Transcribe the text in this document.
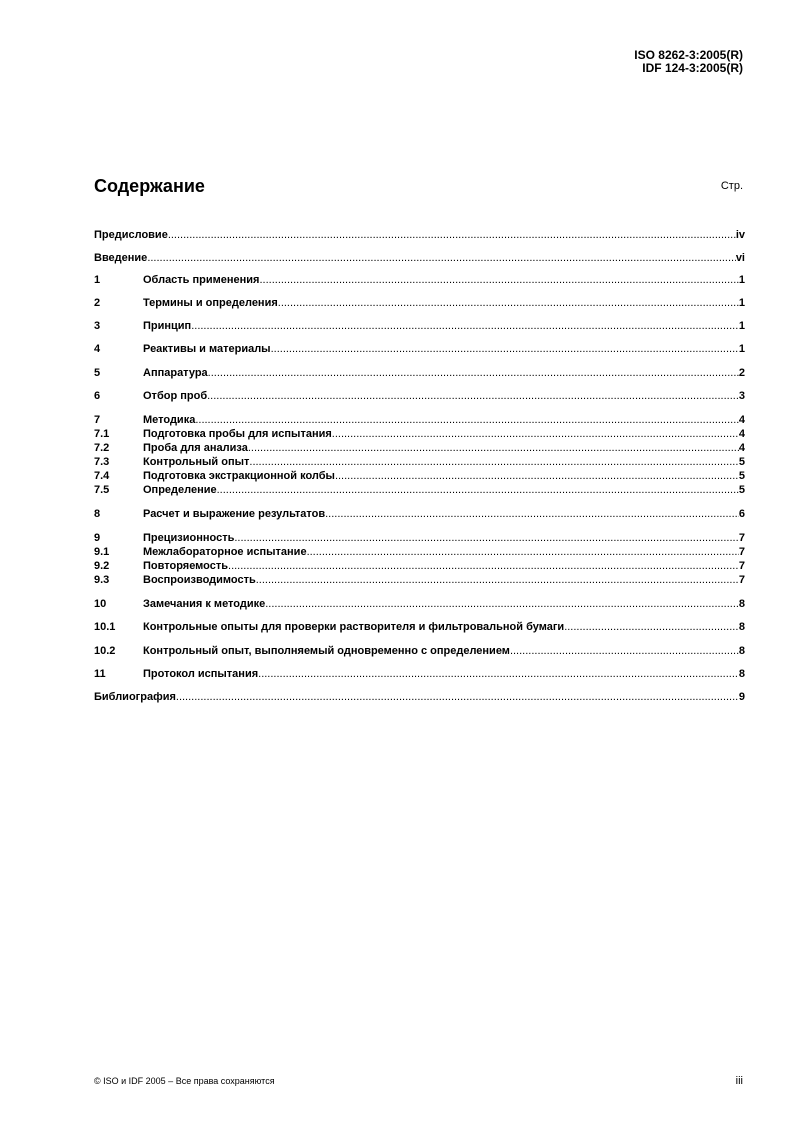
ISO 8262-3:2005(R)
IDF 124-3:2005(R)
Содержание	Стр.
Предисловие .....	iv
Введение .....	vi
1	Область применения .....	1
2	Термины и определения .....	1
3	Принцип .....	1
4	Реактивы и материалы .....	1
5	Аппаратура .....	2
6	Отбор проб .....	3
7	Методика .....	4
7.1	Подготовка пробы для испытания .....	4
7.2	Проба для анализа .....	4
7.3	Контрольный опыт .....	5
7.4	Подготовка экстракционной колбы .....	5
7.5	Определение .....	5
8	Расчет и выражение результатов .....	6
9	Прецизионность .....	7
9.1	Межлабораторное испытание .....	7
9.2	Повторяемость .....	7
9.3	Воспроизводимость .....	7
10	Замечания к методике .....	8
10.1	Контрольные опыты для проверки растворителя и фильтровальной бумаги .....	8
10.2	Контрольный опыт, выполняемый одновременно с определением .....	8
11	Протокол испытания .....	8
Библиография .....	9
© ISO и IDF 2005 – Все права сохраняются	iii
